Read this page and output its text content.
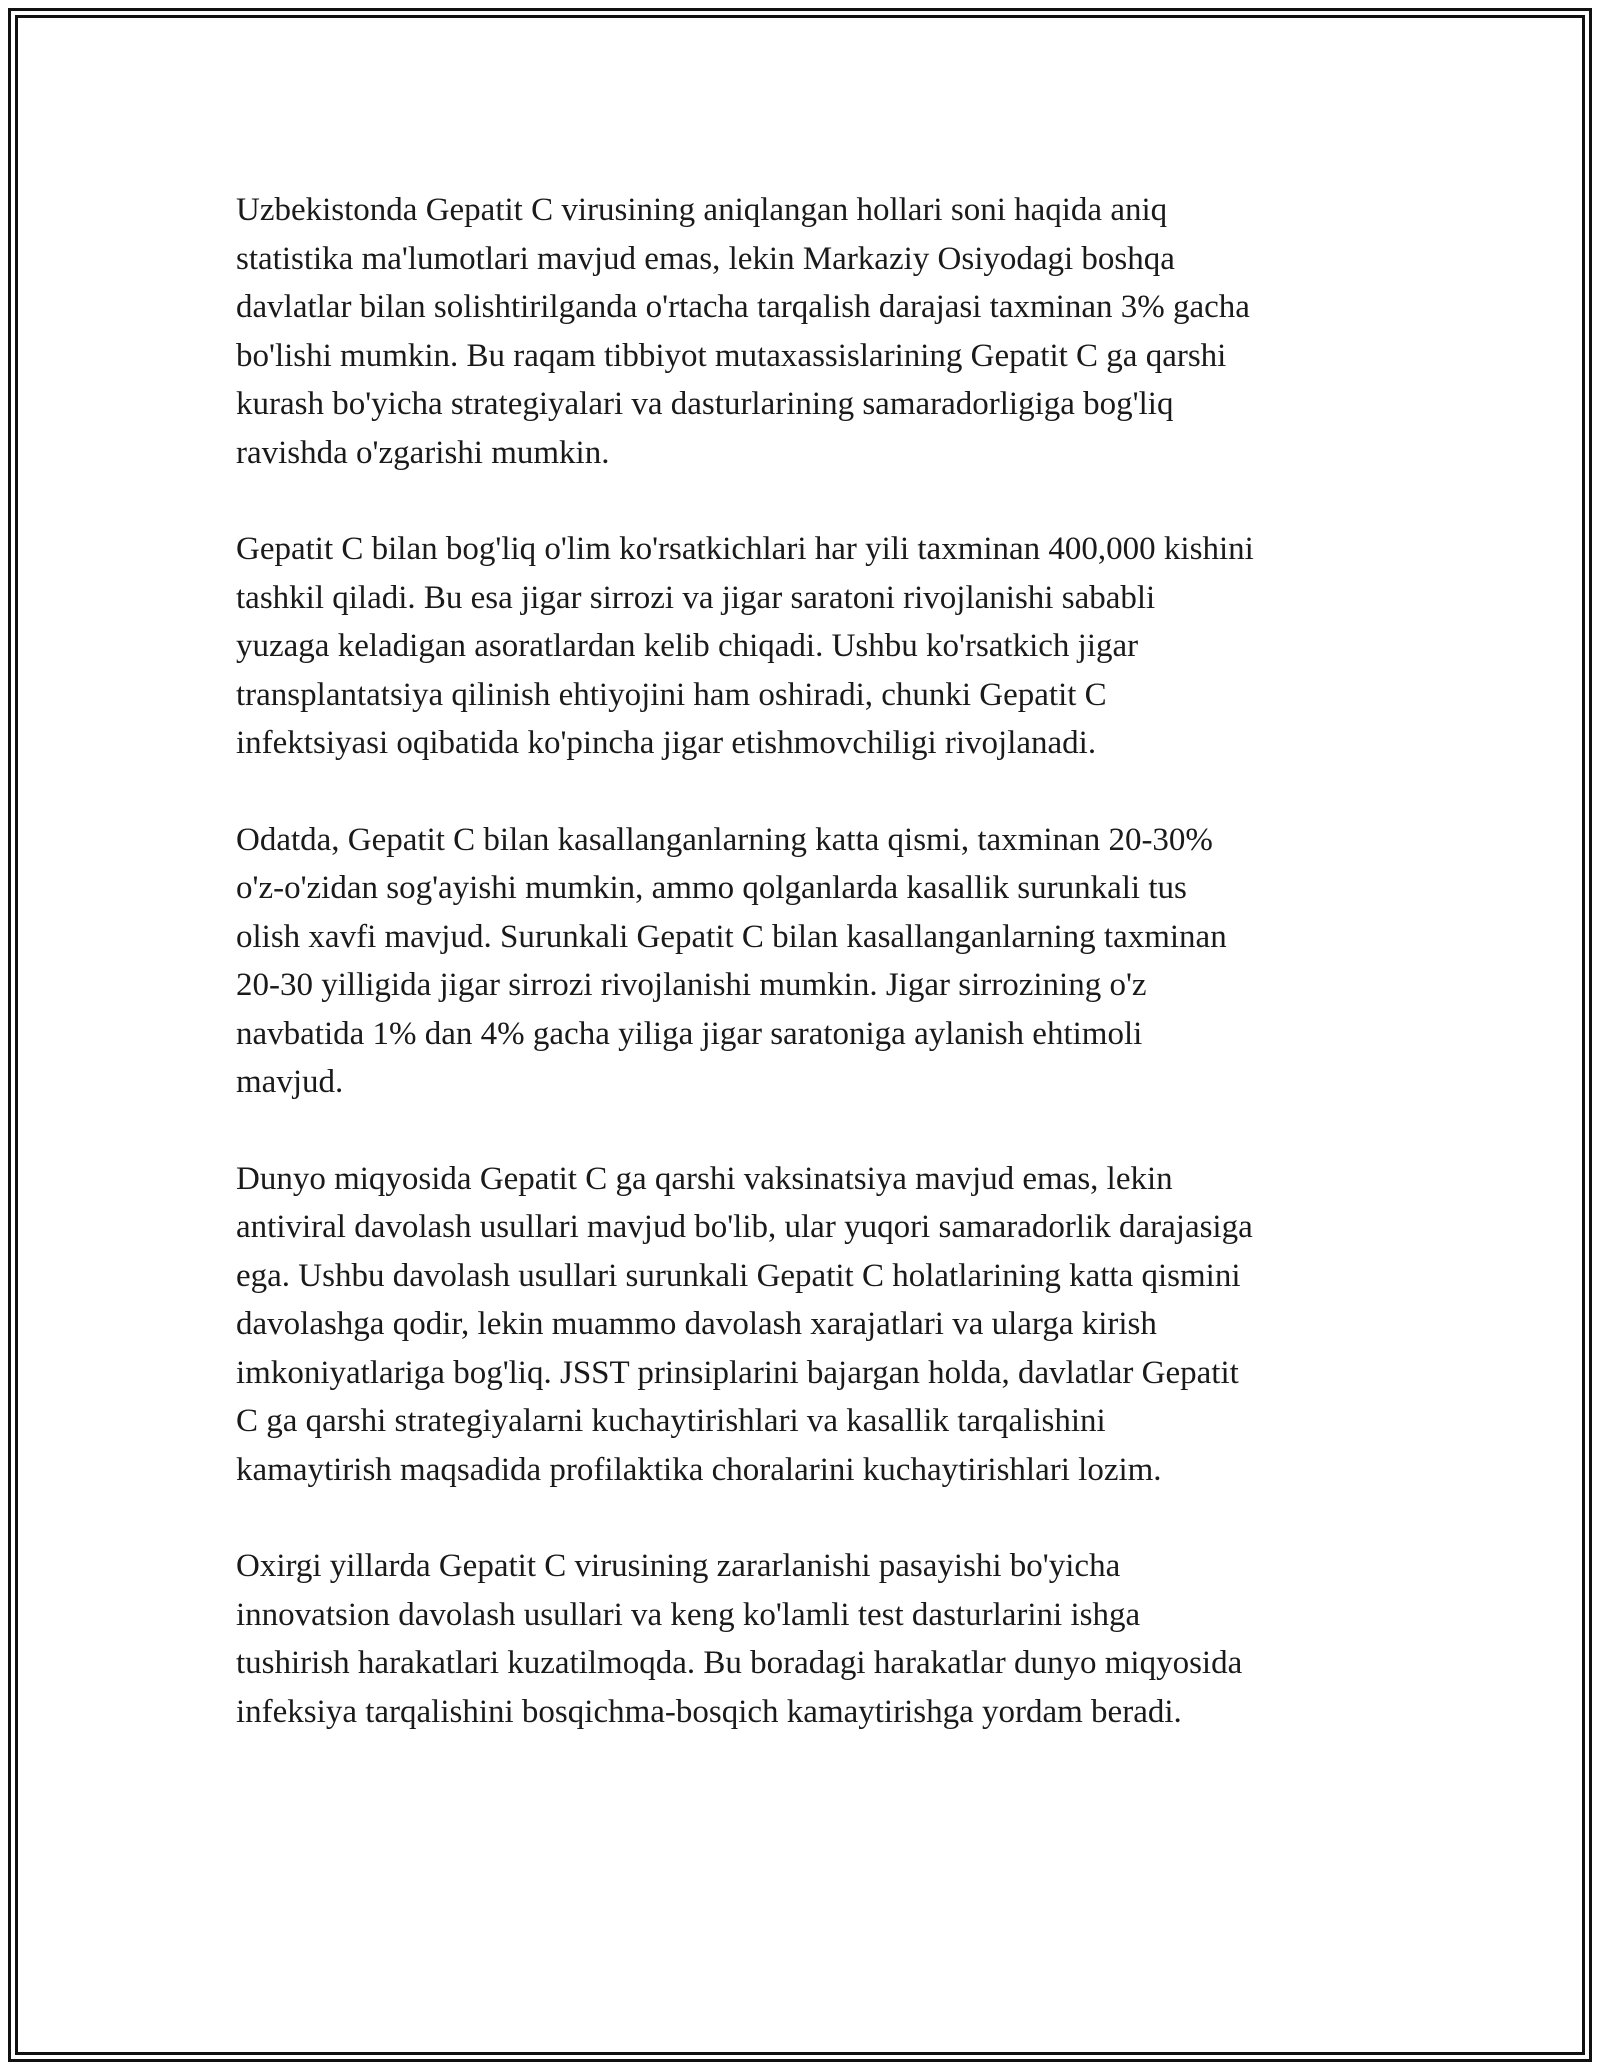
Uzbekistonda Gepatit C virusining aniqlangan hollari soni haqida aniq
statistika ma'lumotlari mavjud emas, lekin Markaziy Osiyodagi boshqa
davlatlar bilan solishtirilganda o'rtacha tarqalish darajasi taxminan 3% gacha
bo'lishi mumkin. Bu raqam tibbiyot mutaxassislarining Gepatit C ga qarshi
kurash bo'yicha strategiyalari va dasturlarining samaradorligiga bog'liq
ravishda o'zgarishi mumkin.

Gepatit C bilan bog'liq o'lim ko'rsatkichlari har yili taxminan 400,000 kishini
tashkil qiladi. Bu esa jigar sirrozi va jigar saratoni rivojlanishi sababli
yuzaga keladigan asoratlardan kelib chiqadi. Ushbu ko'rsatkich jigar
transplantatsiya qilinish ehtiyojini ham oshiradi, chunki Gepatit C
infektsiyasi oqibatida ko'pincha jigar etishmovchiligi rivojlanadi.

Odatda, Gepatit C bilan kasallanganlarning katta qismi, taxminan 20-30%
o'z-o'zidan sog'ayishi mumkin, ammo qolganlarda kasallik surunkali tus
olish xavfi mavjud. Surunkali Gepatit C bilan kasallanganlarning taxminan
20-30 yilligida jigar sirrozi rivojlanishi mumkin. Jigar sirrozining o'z
navbatida 1% dan 4% gacha yiliga jigar saratoniga aylanish ehtimoli
mavjud.

Dunyo miqyosida Gepatit C ga qarshi vaksinatsiya mavjud emas, lekin
antiviral davolash usullari mavjud bo'lib, ular yuqori samaradorlik darajasiga
ega. Ushbu davolash usullari surunkali Gepatit C holatlarining katta qismini
davolashga qodir, lekin muammo davolash xarajatlari va ularga kirish
imkoniyatlariga bog'liq. JSST prinsiplarini bajargan holda, davlatlar Gepatit
C ga qarshi strategiyalarni kuchaytirishlari va kasallik tarqalishini
kamaytirish maqsadida profilaktika choralarini kuchaytirishlari lozim.

Oxirgi yillarda Gepatit C virusining zararlanishi pasayishi bo'yicha
innovatsion davolash usullari va keng ko'lamli test dasturlarini ishga
tushirish harakatlari kuzatilmoqda. Bu boradagi harakatlar dunyo miqyosida
infeksiya tarqalishini bosqichma-bosqich kamaytirishga yordam beradi.
